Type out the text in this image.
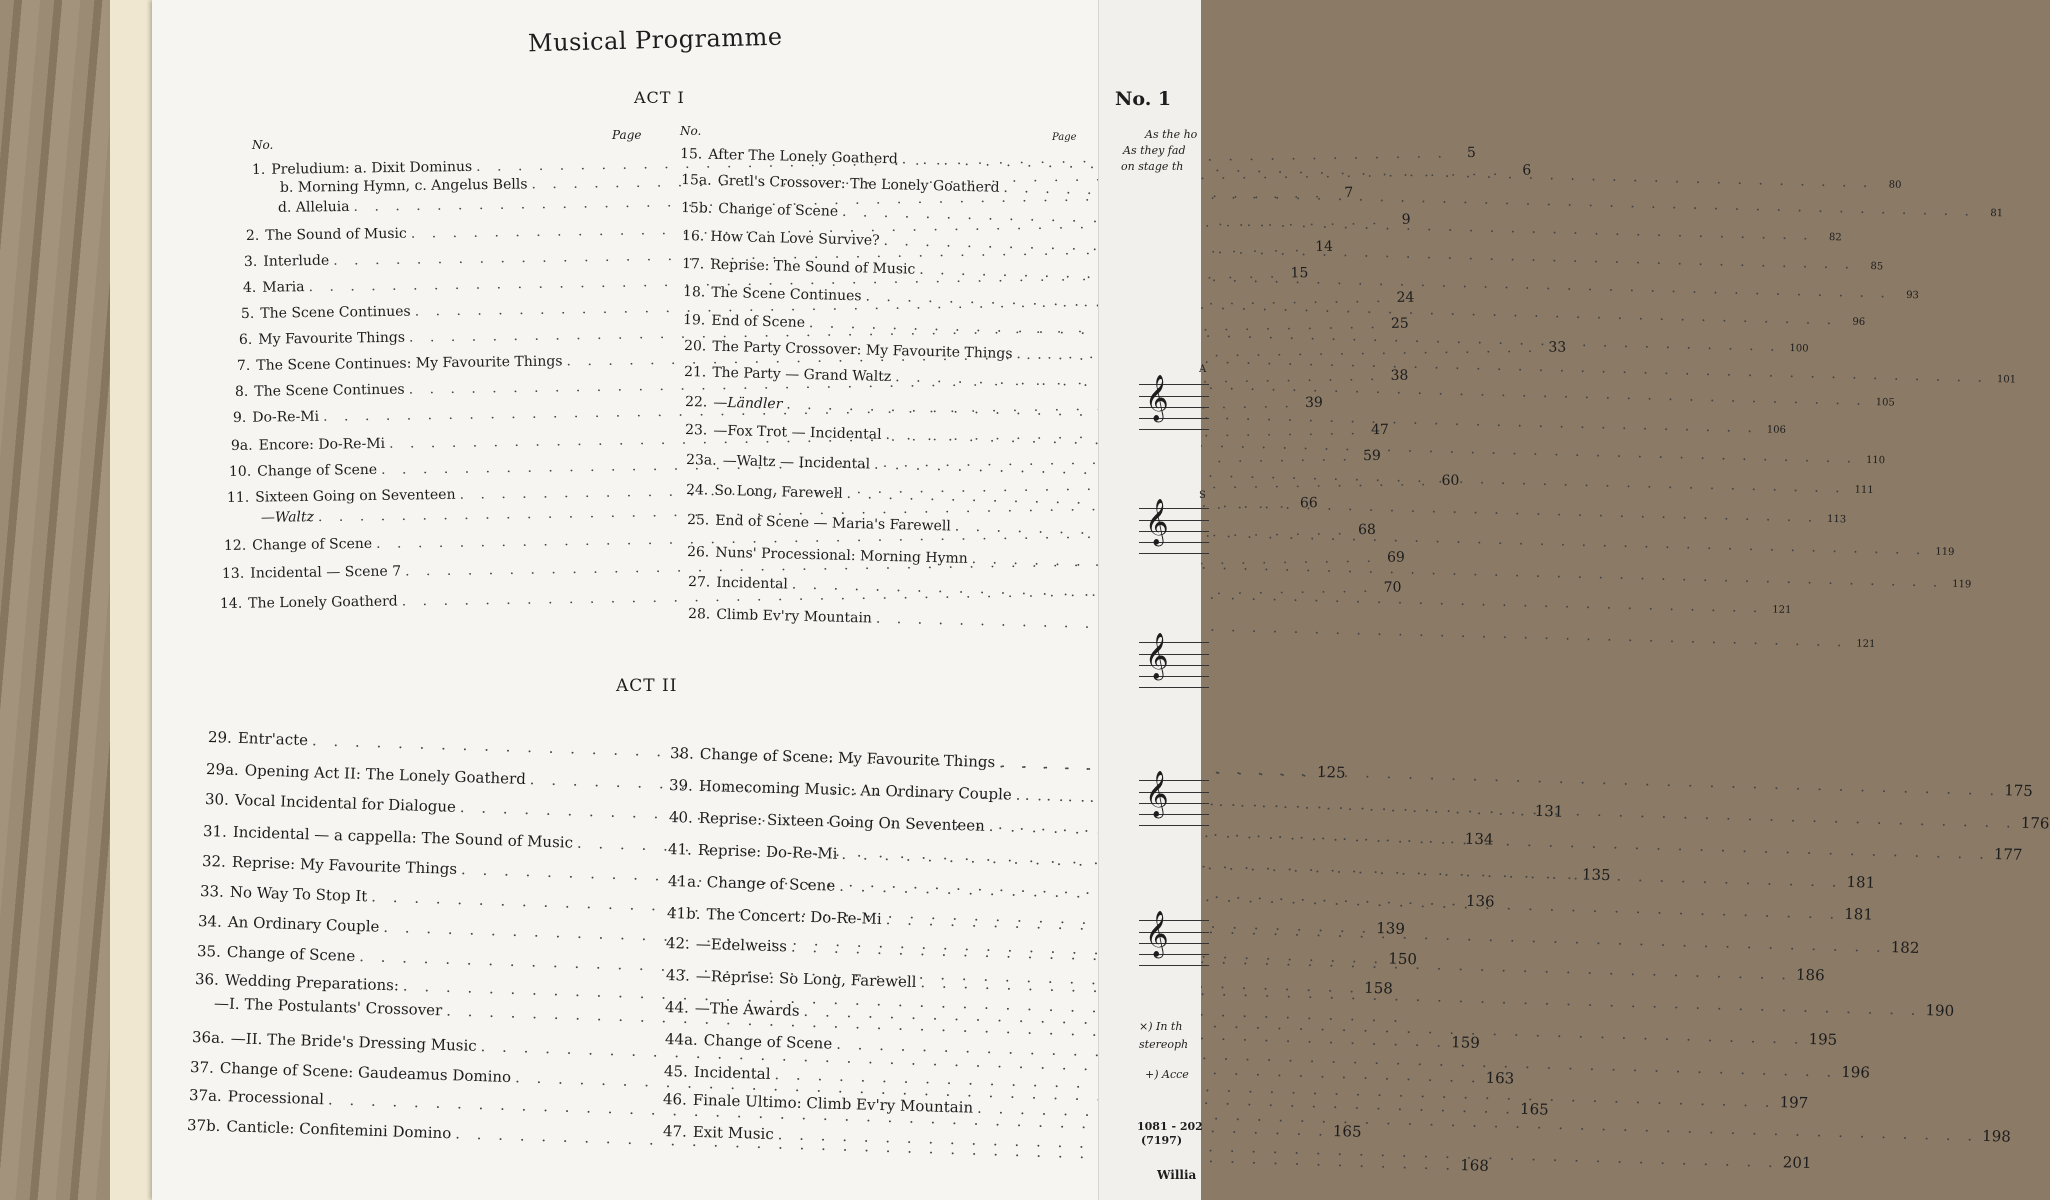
Musical Programme
ACT I
ACT II
No.
Page	No.	Page
1. Preludium: a. Dixit Dominus
. . .
5
b. Morning Hymn, c. Angelus Bells
. . .
6
d. Alleluia
. . .
7
2. The Sound of Music
. . .
9
3. Interlude
. . .
14
4. Maria
. . .
15
5. The Scene Continues
. . .
24
6. My Favourite Things
. . .
25
7. The Scene Continues: My Favourite Things
. . .
33
8. The Scene Continues
. . .
38
9. Do-Re-Mi
. . .
39
9a. Encore: Do-Re-Mi
. . .
47
10. Change of Scene
. . .
59
11. Sixteen Going on Seventeen
. . .
60
—Waltz
. . .
66
12. Change of Scene
. . .
68
13. Incidental — Scene 7
. . .
69
14. The Lonely Goatherd
. . .
70
15. After The Lonely Goatherd
. . .
80
15a. Gretl's Crossover: The Lonely Goatherd
. . .
81
15b. Change of Scene
. . .
82
16. How Can Love Survive?
. . .
85
17. Reprise: The Sound of Music
. . .
93
18. The Scene Continues
. . .
96
19. End of Scene
. . .
100
20. The Party Crossover: My Favourite Things
. . .
101
21. The Party — Grand Waltz
. . .
105
22. —Ländler
. . .
106
23. —Fox Trot — Incidental
. . .
110
23a. —Waltz — Incidental
. . .
111
24. So Long, Farewell
. . .
113
25. End of Scene — Maria's Farewell
. . .
119
26. Nuns' Processional: Morning Hymn
. . .
119
27. Incidental
. . .
121
28. Climb Ev'ry Mountain
. . .
121
29. Entr'acte
. . .
125
29a. Opening Act II: The Lonely Goatherd
. . .
131
30. Vocal Incidental for Dialogue
. . .
134
31. Incidental — a cappella: The Sound of Music
. . .
135
32. Reprise: My Favourite Things
. . .
136
33. No Way To Stop It
. . .
139
34. An Ordinary Couple
. . .
150
35. Change of Scene
. . .
158
36. Wedding Preparations:
. . .
—I. The Postulants' Crossover
. . .
159
36a. —II. The Bride's Dressing Music
. . .
163
37. Change of Scene: Gaudeamus Domino
. . .
165
37a. Processional
. . .
165
37b. Canticle: Confitemini Domino
. . .
168
38. Change of Scene: My Favourite Things
. . .
175
39. Homecoming Music: An Ordinary Couple
. . .
176
40. Reprise: Sixteen Going On Seventeen
. . .
177
41. Reprise: Do-Re-Mi
. . .
181
41a. Change of Scene
. . .
181
41b. The Concert: Do-Re-Mi
. . .
182
42. —Edelweiss
. . .
186
43. —Reprise: So Long, Farewell
. . .
190
44. —The Awards
. . .
195
44a. Change of Scene
. . .
196
45. Incidental
. . .
197
46. Finale Ultimo: Climb Ev'ry Mountain
. . .
198
47. Exit Music
. . .
201
No. 1
As the ho
As they fad
on stage th
𝄞
A
𝄞
S
𝄞
𝄞
𝄞
×) In th
stereoph
+) Acce
1081 - 202
(7197)
Willia
